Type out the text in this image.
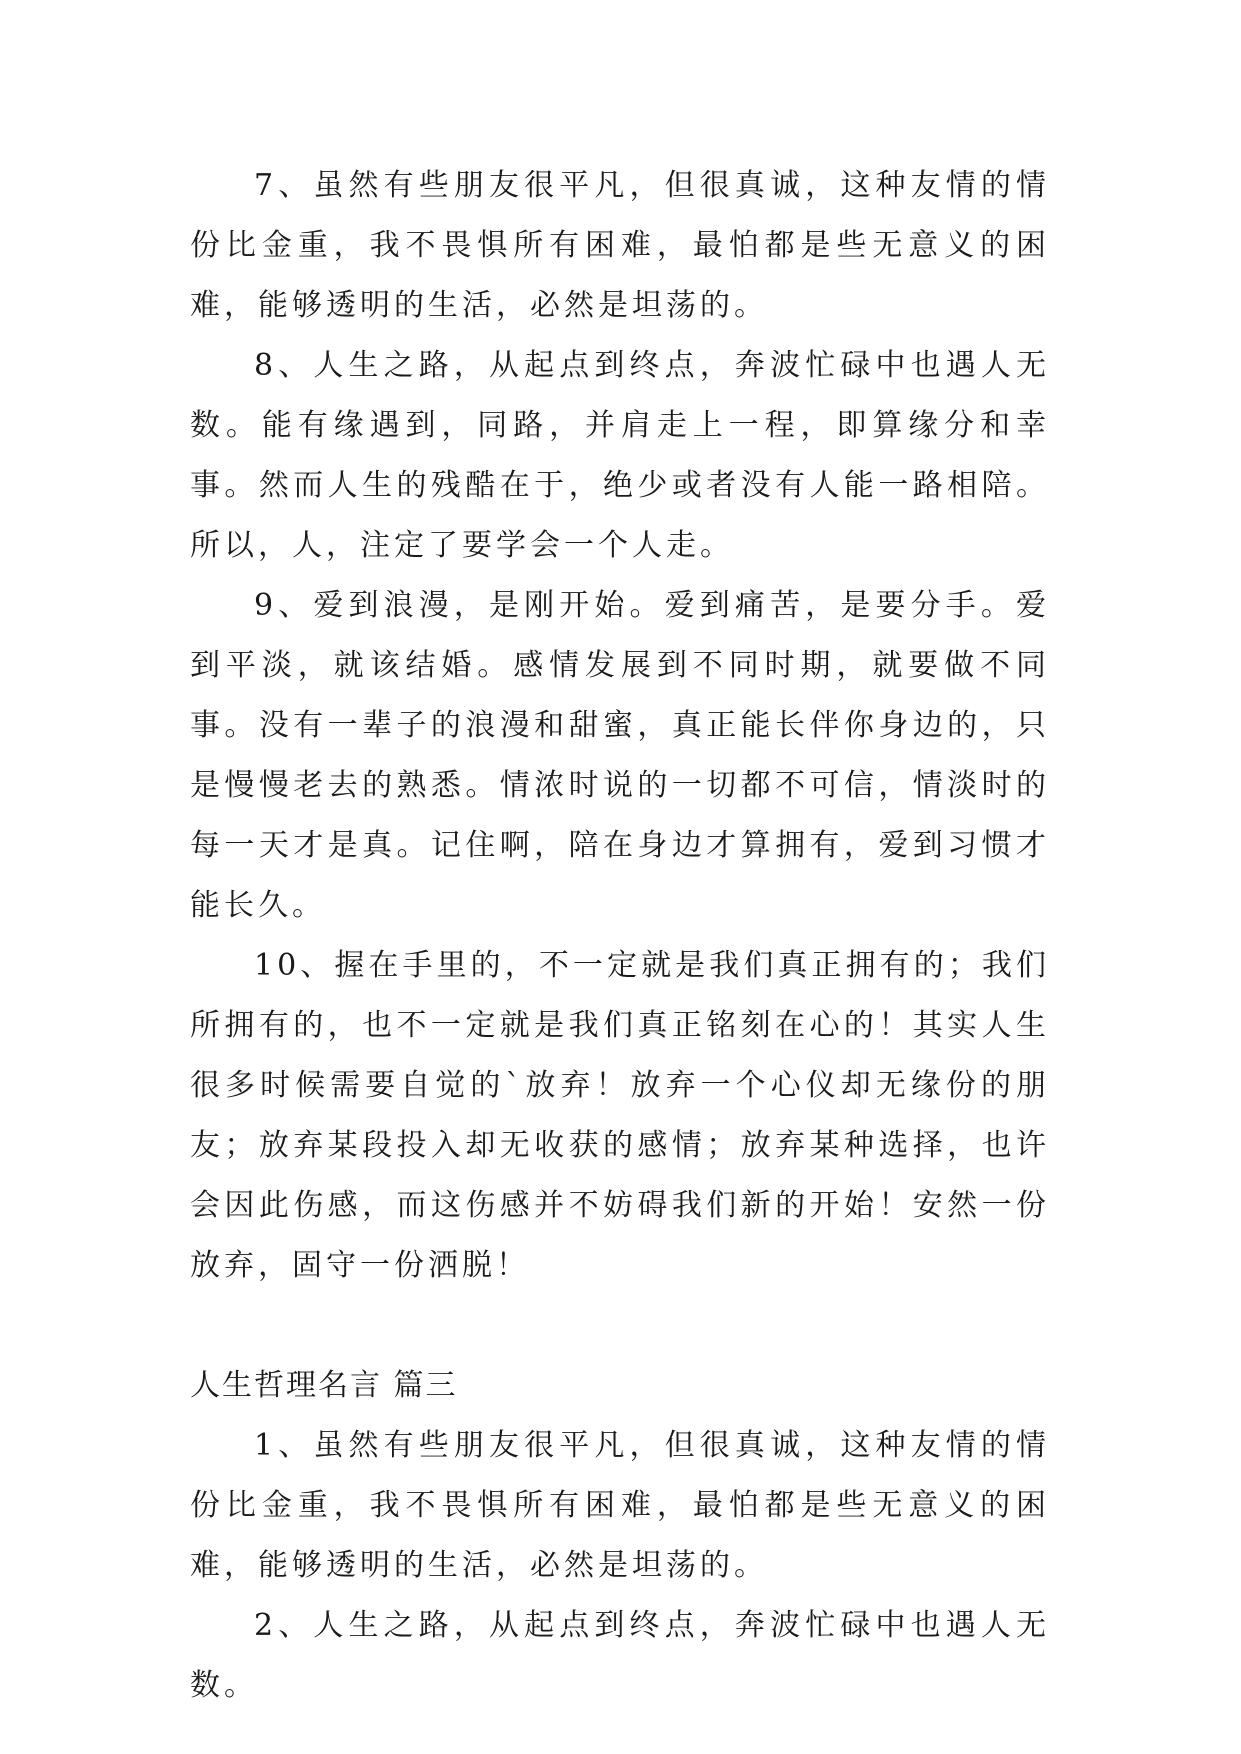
7、虽然有些朋友很平凡，但很真诚，这种友情的情份比金重，我不畏惧所有困难，最怕都是些无意义的困难，能够透明的生活，必然是坦荡的。

8、人生之路，从起点到终点，奔波忙碌中也遇人无数。能有缘遇到，同路，并肩走上一程，即算缘分和幸事。然而人生的残酷在于，绝少或者没有人能一路相陪。所以，人，注定了要学会一个人走。

9、爱到浪漫，是刚开始。爱到痛苦，是要分手。爱到平淡，就该结婚。感情发展到不同时期，就要做不同事。没有一辈子的浪漫和甜蜜，真正能长伴你身边的，只是慢慢老去的熟悉。情浓时说的一切都不可信，情淡时的每一天才是真。记住啊，陪在身边才算拥有，爱到习惯才能长久。

10、握在手里的，不一定就是我们真正拥有的；我们所拥有的，也不一定就是我们真正铭刻在心的！其实人生很多时候需要自觉的`放弃！放弃一个心仪却无缘份的朋友；放弃某段投入却无收获的感情；放弃某种选择，也许会因此伤感，而这伤感并不妨碍我们新的开始！安然一份放弃，固守一份洒脱！

人生哲理名言 篇三

1、虽然有些朋友很平凡，但很真诚，这种友情的情份比金重，我不畏惧所有困难，最怕都是些无意义的困难，能够透明的生活，必然是坦荡的。

2、人生之路，从起点到终点，奔波忙碌中也遇人无数。
